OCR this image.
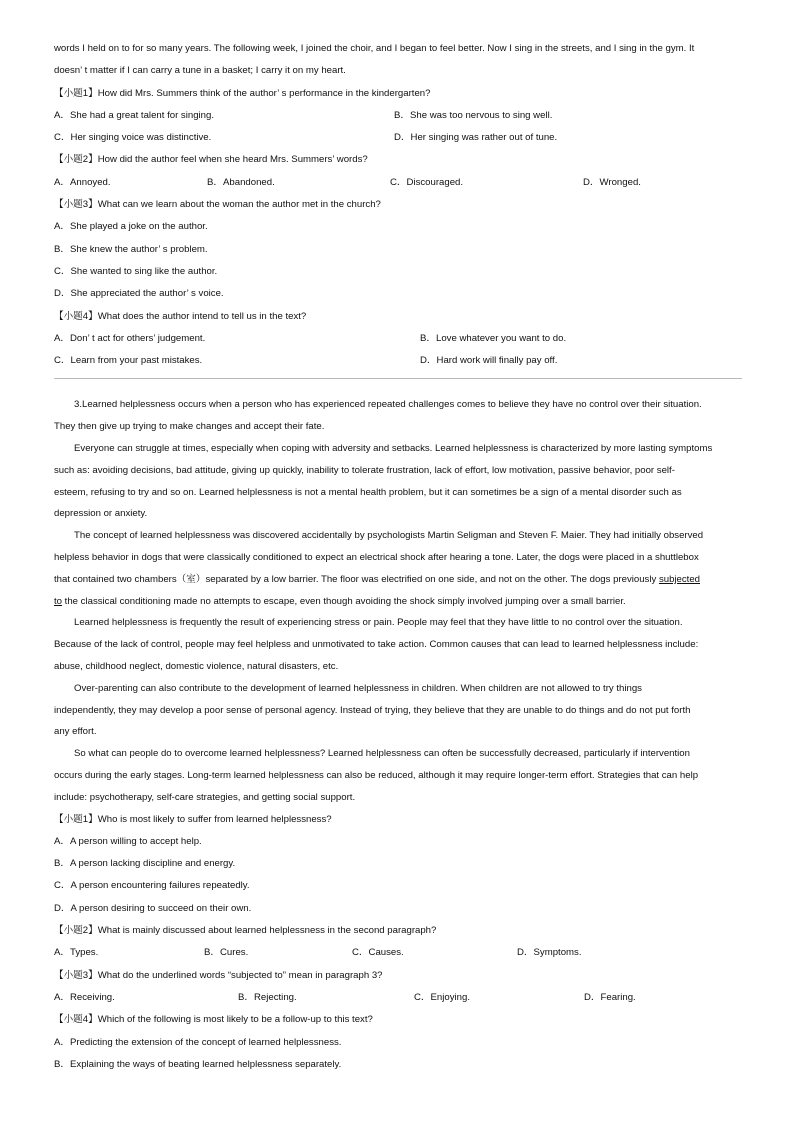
words I held on to for so many years. The following week, I joined the choir, and I began to feel better. Now I sing in the streets, and I sing in the gym. It
doesn’ t matter if I can carry a tune in a basket; I carry it on my heart.
【小题1】How did Mrs. Summers think of the author’ s performance in the kindergarten?
A．She had a great talent for singing.	B．She was too nervous to sing well.
C．Her singing voice was distinctive.	D．Her singing was rather out of tune.
【小题2】How did the author feel when she heard Mrs. Summers’ words?
A．Annoyed.	B．Abandoned.	C．Discouraged.	D．Wronged.
【小题3】What can we learn about the woman the author met in the church?
A．She played a joke on the author.
B．She knew the author’ s problem.
C．She wanted to sing like the author.
D．She appreciated the author’ s voice.
【小题4】What does the author intend to tell us in the text?
A．Don’ t act for others’ judgement.	B．Love whatever you want to do.
C．Learn from your past mistakes.	D．Hard work will finally pay off.
3.Learned helplessness occurs when a person who has experienced repeated challenges comes to believe they have no control over their situation.
They then give up trying to make changes and accept their fate.
Everyone can struggle at times, especially when coping with adversity and setbacks. Learned helplessness is characterized by more lasting symptoms
such as: avoiding decisions, bad attitude, giving up quickly, inability to tolerate frustration, lack of effort, low motivation, passive behavior, poor self-
esteem, refusing to try and so on. Learned helplessness is not a mental health problem, but it can sometimes be a sign of a mental disorder such as
depression or anxiety.
The concept of learned helplessness was discovered accidentally by psychologists Martin Seligman and Steven F. Maier. They had initially observed
helpless behavior in dogs that were classically conditioned to expect an electrical shock after hearing a tone. Later, the dogs were placed in a shuttlebox
that contained two chambers（室）separated by a low barrier. The floor was electrified on one side, and not on the other. The dogs previously subjected
to the classical conditioning made no attempts to escape, even though avoiding the shock simply involved jumping over a small barrier.
Learned helplessness is frequently the result of experiencing stress or pain. People may feel that they have little to no control over the situation.
Because of the lack of control, people may feel helpless and unmotivated to take action. Common causes that can lead to learned helplessness include:
abuse, childhood neglect, domestic violence, natural disasters, etc.
Over-parenting can also contribute to the development of learned helplessness in children. When children are not allowed to try things
independently, they may develop a poor sense of personal agency. Instead of trying, they believe that they are unable to do things and do not put forth
any effort.
So what can people do to overcome learned helplessness? Learned helplessness can often be successfully decreased, particularly if intervention
occurs during the early stages. Long-term learned helplessness can also be reduced, although it may require longer-term effort. Strategies that can help
include: psychotherapy, self-care strategies, and getting social support.
【小题1】Who is most likely to suffer from learned helplessness?
A．A person willing to accept help.
B．A person lacking discipline and energy.
C．A person encountering failures repeatedly.
D．A person desiring to succeed on their own.
【小题2】What is mainly discussed about learned helplessness in the second paragraph?
A．Types.	B．Cures.	C．Causes.	D．Symptoms.
【小题3】What do the underlined words “subjected to” mean in paragraph 3?
A．Receiving.	B．Rejecting.	C．Enjoying.	D．Fearing.
【小题4】Which of the following is most likely to be a follow-up to this text?
A．Predicting the extension of the concept of learned helplessness.
B．Explaining the ways of beating learned helplessness separately.
